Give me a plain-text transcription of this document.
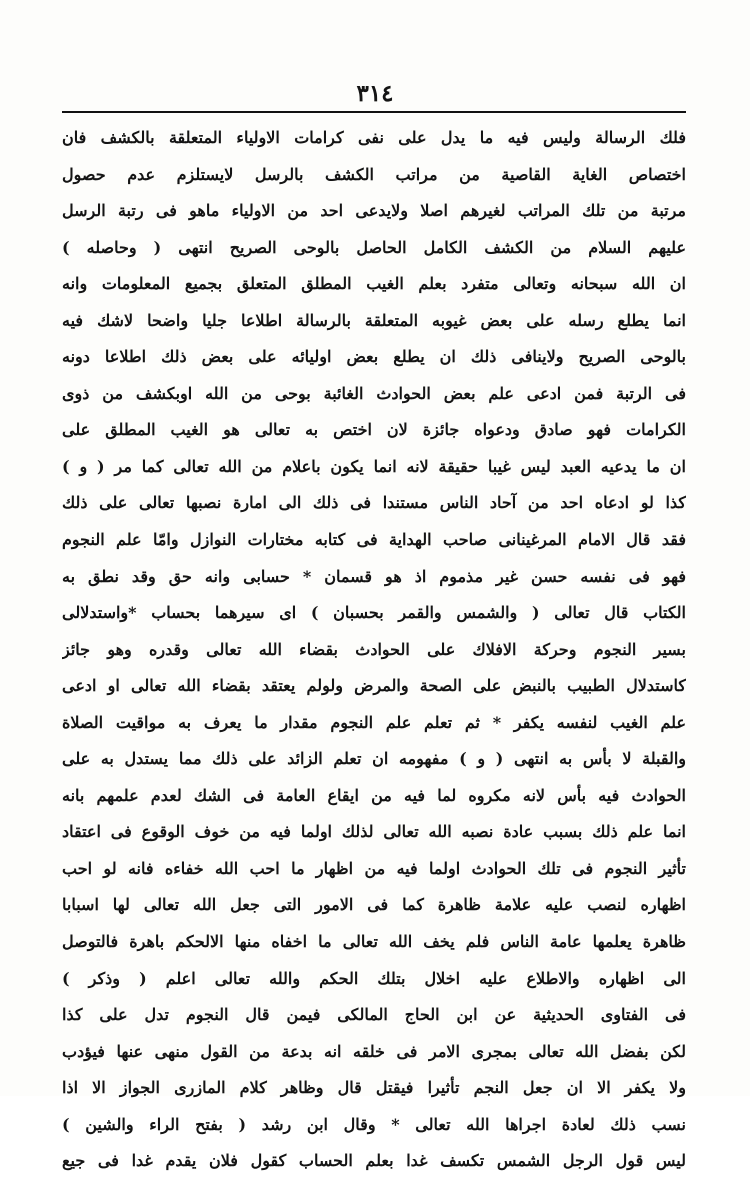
٣١٤
فلك الرسالة وليس فيه ما يدل على نفى كرامات الاولياء المتعلقة بالكشف فان
اختصاص الغاية القاصية من مراتب الكشف بالرسل لايستلزم عدم حصول
مرتبة من تلك المراتب لغيرهم اصلا ولايدعى احد من الاولياء ماهو فى رتبة الرسل
عليهم السلام من الكشف الكامل الحاصل بالوحى الصريح انتهى ( وحاصله )
ان الله سبحانه وتعالى متفرد بعلم الغيب المطلق المتعلق بجميع المعلومات وانه
انما يطلع رسله على بعض غيوبه المتعلقة بالرسالة اطلاعا جليا واضحا لاشك فيه
بالوحى الصريح ولاينافى ذلك ان يطلع بعض اوليائه على بعض ذلك اطلاعا دونه
فى الرتبة فمن ادعى علم بعض الحوادث الغائبة بوحى من الله اوبكشف من ذوى
الكرامات فهو صادق ودعواه جائزة لان اختص به تعالى هو الغيب المطلق على
ان ما يدعيه العبد ليس غيبا حقيقة لانه انما يكون باعلام من الله تعالى كما مر ( و )
كذا لو ادعاه احد من آحاد الناس مستندا فى ذلك الى امارة نصبها تعالى على ذلك
فقد قال الامام المرغينانى صاحب الهداية فى كتابه مختارات النوازل وامّا علم النجوم
فهو فى نفسه حسن غير مذموم اذ هو قسمان * حسابى وانه حق وقد نطق به
الكتاب قال تعالى ( والشمس والقمر بحسبان ) اى سيرهما بحساب *واستدلالى
بسير النجوم وحركة الافلاك على الحوادث بقضاء الله تعالى وقدره وهو جائز
كاستدلال الطبيب بالنبض على الصحة والمرض ولولم يعتقد بقضاء الله تعالى او ادعى
علم الغيب لنفسه يكفر * ثم تعلم علم النجوم مقدار ما يعرف به مواقيت الصلاة
والقبلة لا بأس به انتهى ( و ) مفهومه ان تعلم الزائد على ذلك مما يستدل به على
الحوادث فيه بأس لانه مكروه لما فيه من ايقاع العامة فى الشك لعدم علمهم بانه
انما علم ذلك بسبب عادة نصبه الله تعالى لذلك اولما فيه من خوف الوقوع فى اعتقاد
تأثير النجوم فى تلك الحوادث اولما فيه من اظهار ما احب الله خفاءه فانه لو احب
اظهاره لنصب عليه علامة ظاهرة كما فى الامور التى جعل الله تعالى لها اسبابا
ظاهرة يعلمها عامة الناس فلم يخف الله تعالى ما اخفاه منها الالحكم باهرة فالتوصل
الى اظهاره والاطلاع عليه اخلال بتلك الحكم والله تعالى اعلم ( وذكر )
فى الفتاوى الحديثية عن ابن الحاج المالكى فيمن قال النجوم تدل على كذا
لكن بفضل الله تعالى بمجرى الامر فى خلقه انه بدعة من القول منهى عنها فيؤدب
ولا يكفر الا ان جعل النجم تأثيرا فيقتل قال وظاهر كلام المازرى الجواز الا اذا
نسب ذلك لعادة اجراها الله تعالى * وقال ابن رشد ( بفتح الراء والشين )
ليس قول الرجل الشمس تكسف غدا بعلم الحساب كقول فلان يقدم غدا فى جيع
